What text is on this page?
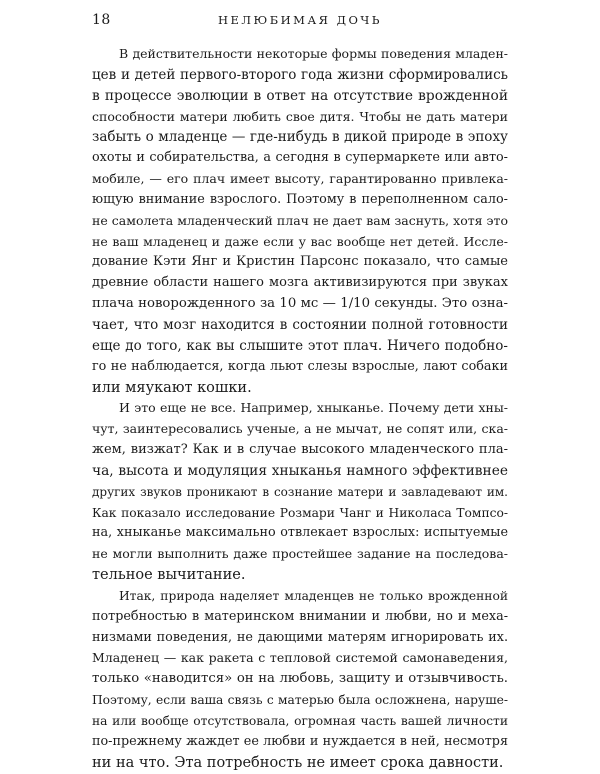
18	НЕЛЮБИМАЯ ДОЧЬ
В действительности некоторые формы поведения младен-
цев и детей первого-второго года жизни сформировались
в процессе эволюции в ответ на отсутствие врожденной
способности матери любить свое дитя. Чтобы не дать матери
забыть о младенце — где-нибудь в дикой природе в эпоху
охоты и собирательства, а сегодня в супермаркете или авто-
мобиле, — его плач имеет высоту, гарантированно привлека-
ющую внимание взрослого. Поэтому в переполненном сало-
не самолета младенческий плач не дает вам заснуть, хотя это
не ваш младенец и даже если у вас вообще нет детей. Иссле-
дование Кэти Янг и Кристин Парсонс показало, что самые
древние области нашего мозга активизируются при звуках
плача новорожденного за 10 мс — 1/10 секунды. Это озна-
чает, что мозг находится в состоянии полной готовности
еще до того, как вы слышите этот плач. Ничего подобно-
го не наблюдается, когда льют слезы взрослые, лают собаки
или мяукают кошки.
И это еще не все. Например, хныканье. Почему дети хны-
чут, заинтересовались ученые, а не мычат, не сопят или, ска-
жем, визжат? Как и в случае высокого младенческого пла-
ча, высота и модуляция хныканья намного эффективнее
других звуков проникают в сознание матери и завладевают им.
Как показало исследование Розмари Чанг и Николаса Томпсо-
на, хныканье максимально отвлекает взрослых: испытуемые
не могли выполнить даже простейшее задание на последова-
тельное вычитание.
Итак, природа наделяет младенцев не только врожденной
потребностью в материнском внимании и любви, но и меха-
низмами поведения, не дающими матерям игнорировать их.
Младенец — как ракета с тепловой системой самонаведения,
только «наводится» он на любовь, защиту и отзывчивость.
Поэтому, если ваша связь с матерью была осложнена, наруше-
на или вообще отсутствовала, огромная часть вашей личности
по-прежнему жаждет ее любви и нуждается в ней, несмотря
ни на что. Эта потребность не имеет срока давности.
